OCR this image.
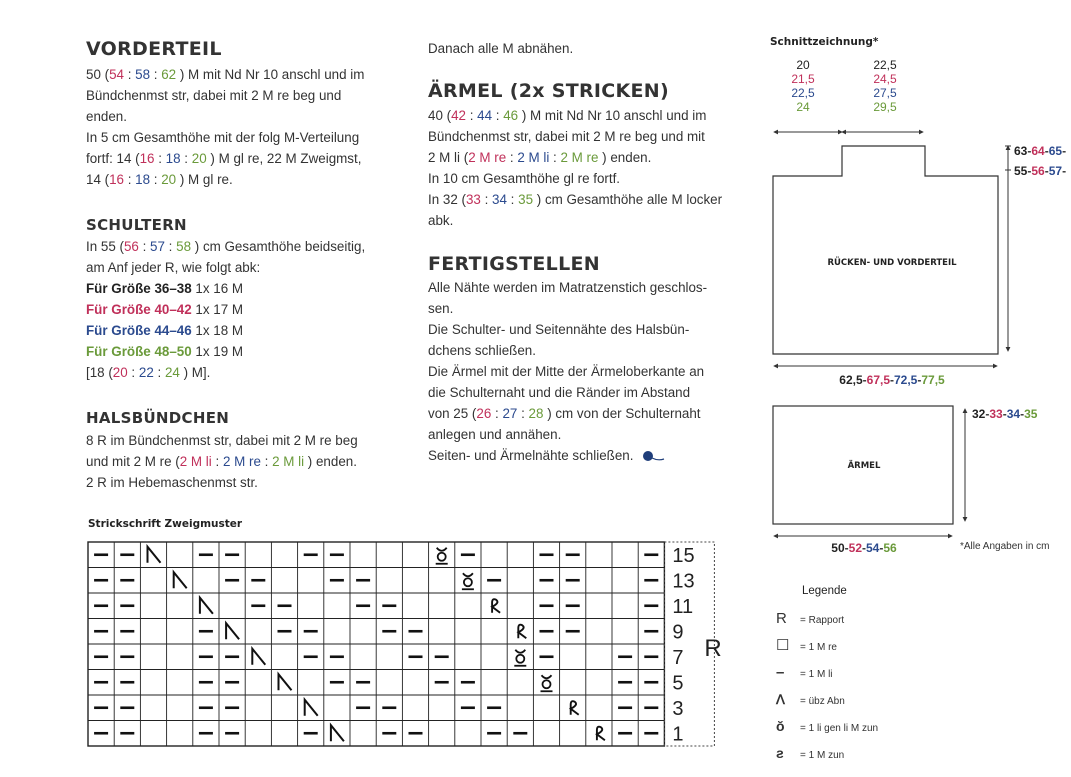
VORDERTEIL
50 (54 : 58 : 62 ) M mit Nd Nr 10 anschl und im
Bündchenmst str, dabei mit 2 M re beg und
enden.
In 5 cm Gesamthöhe mit der folg M-Verteilung
fortf: 14 (16 : 18 : 20 ) M gl re, 22 M Zweigmst,
14 (16 : 18 : 20 ) M gl re.
SCHULTERN
In 55 (56 : 57 : 58 ) cm Gesamthöhe beidseitig,
am Anf jeder R, wie folgt abk:
Für Größe 36–38 1x 16 M
Für Größe 40–42 1x 17 M
Für Größe 44–46 1x 18 M
Für Größe 48–50 1x 19 M
[18 (20 : 22 : 24 ) M].
HALSBÜNDCHEN
8 R im Bündchenmst str, dabei mit 2 M re beg
und mit 2 M re (2 M li : 2 M re : 2 M li ) enden.
2 R im Hebemaschenmst str.
Danach alle M abnähen.
ÄRMEL (2x STRICKEN)
40 (42 : 44 : 46 ) M mit Nd Nr 10 anschl und im
Bündchenmst str, dabei mit 2 M re beg und mit
2 M li (2 M re : 2 M li : 2 M re ) enden.
In 10 cm Gesamthöhe gl re fortf.
In 32 (33 : 34 : 35 ) cm Gesamthöhe alle M locker
abk.
FERTIGSTELLEN
Alle Nähte werden im Matratzenstich geschlos-
sen.
Die Schulter- und Seitennähte des Halsbün-
dchens schließen.
Die Ärmel mit der Mitte der Ärmeloberkante an
die Schulternaht und die Ränder im Abstand
von 25 (26 : 27 : 28 ) cm von der Schulternaht
anlegen und annähen.
Seiten- und Ärmelnähte schließen.
Schnittzeichnung*
20
21,5
22,5
24
22,5
24,5
27,5
29,5
RÜCKEN- UND VORDERTEIL
ÄRMEL
63-64-65-
55-56-57-
62,5-67,5-72,5-77,5
32-33-34-35
50-52-54-56	*Alle Angaben in cm
Strickschrift Zweigmuster
15
13
11
9
7
5
3
1
R
Legende
R = Rapport
☐ = 1 M re
– = 1 M li
ꓥ = übz Abn
ŏ = 1 li gen li M zun
ƨ = 1 M zun
